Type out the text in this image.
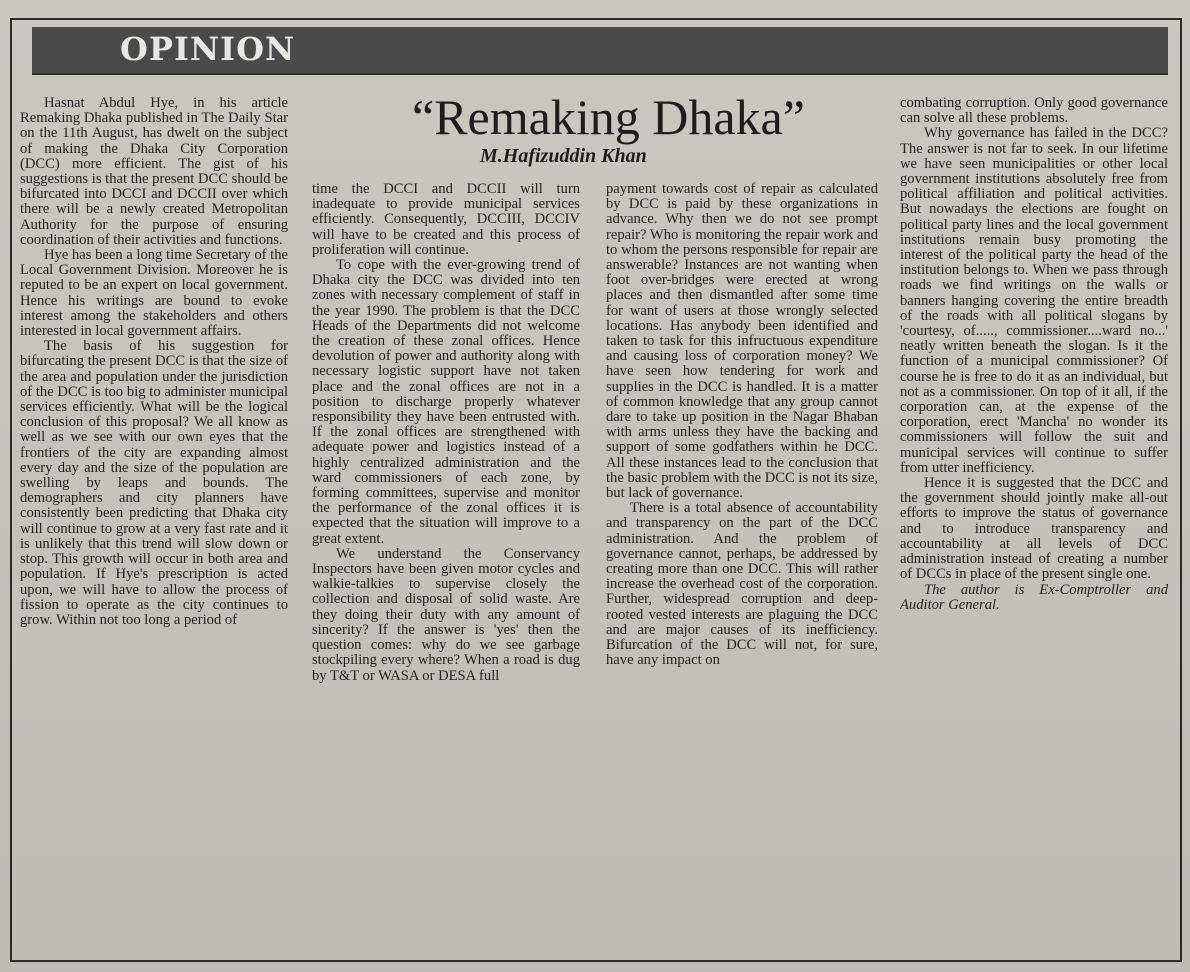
OPINION
“Remaking Dhaka”
M.Hafizuddin Khan

Hasnat Abdul Hye, in his article Remaking Dhaka published in The Daily Star on the 11th August, has dwelt on the subject of making the Dhaka City Corporation (DCC) more efficient. The gist of his suggestions is that the present DCC should be bifurcated into DCCI and DCCII over which there will be a newly created Metropolitan Authority for the purpose of ensuring coordination of their activities and functions.

Hye has been a long time Secretary of the Local Government Division. Moreover he is reputed to be an expert on local government. Hence his writings are bound to evoke interest among the stakeholders and others interested in local government affairs.

The basis of his suggestion for bifurcating the present DCC is that the size of the area and population under the jurisdiction of the DCC is too big to administer municipal services efficiently. What will be the logical conclusion of this proposal? We all know as well as we see with our own eyes that the frontiers of the city are expanding almost every day and the size of the population are swelling by leaps and bounds. The demographers and city planners have consistently been predicting that Dhaka city will continue to grow at a very fast rate and it is unlikely that this trend will slow down or stop. This growth will occur in both area and population. If Hye's prescription is acted upon, we will have to allow the process of fission to operate as the city continues to grow. Within not too long a period of

time the DCCI and DCCII will turn inadequate to provide municipal services efficiently. Consequently, DCCIII, DCCIV will have to be created and this process of proliferation will continue.

To cope with the ever-growing trend of Dhaka city the DCC was divided into ten zones with necessary complement of staff in the year 1990. The problem is that the DCC Heads of the Departments did not welcome the creation of these zonal offices. Hence devolution of power and authority along with necessary logistic support have not taken place and the zonal offices are not in a position to discharge properly whatever responsibility they have been entrusted with. If the zonal offices are strengthened with adequate power and logistics instead of a highly centralized administration and the ward commissioners of each zone, by forming committees, supervise and monitor the performance of the zonal offices it is expected that the situation will improve to a great extent.

We understand the Conservancy Inspectors have been given motor cycles and walkie-talkies to supervise closely the collection and disposal of solid waste. Are they doing their duty with any amount of sincerity? If the answer is 'yes' then the question comes: why do we see garbage stockpiling every where? When a road is dug by T&T or WASA or DESA full

payment towards cost of repair as calculated by DCC is paid by these organizations in advance. Why then we do not see prompt repair? Who is monitoring the repair work and to whom the persons responsible for repair are answerable? Instances are not wanting when foot over-bridges were erected at wrong places and then dismantled after some time for want of users at those wrongly selected locations. Has anybody been identified and taken to task for this infructuous expenditure and causing loss of corporation money? We have seen how tendering for work and supplies in the DCC is handled. It is a matter of common knowledge that any group cannot dare to take up position in the Nagar Bhaban with arms unless they have the backing and support of some godfathers within he DCC. All these instances lead to the conclusion that the basic problem with the DCC is not its size, but lack of governance.

There is a total absence of accountability and transparency on the part of the DCC administration. And the problem of governance cannot, perhaps, be addressed by creating more than one DCC. This will rather increase the overhead cost of the corporation. Further, widespread corruption and deep-rooted vested interests are plaguing the DCC and are major causes of its inefficiency. Bifurcation of the DCC will not, for sure, have any impact on

combating corruption. Only good governance can solve all these problems.

Why governance has failed in the DCC? The answer is not far to seek. In our lifetime we have seen municipalities or other local government institutions absolutely free from political affiliation and political activities. But nowadays the elections are fought on political party lines and the local government institutions remain busy promoting the interest of the political party the head of the institution belongs to. When we pass through roads we find writings on the walls or banners hanging covering the entire breadth of the roads with all political slogans by 'courtesy, of....., commissioner....ward no...' neatly written beneath the slogan. Is it the function of a municipal commissioner? Of course he is free to do it as an individual, but not as a commissioner. On top of it all, if the corporation can, at the expense of the corporation, erect 'Mancha' no wonder its commissioners will follow the suit and municipal services will continue to suffer from utter inefficiency.

Hence it is suggested that the DCC and the government should jointly make all-out efforts to improve the status of governance and to introduce transparency and accountability at all levels of DCC administration instead of creating a number of DCCs in place of the present single one.

The author is Ex-Comptroller and Auditor General.
